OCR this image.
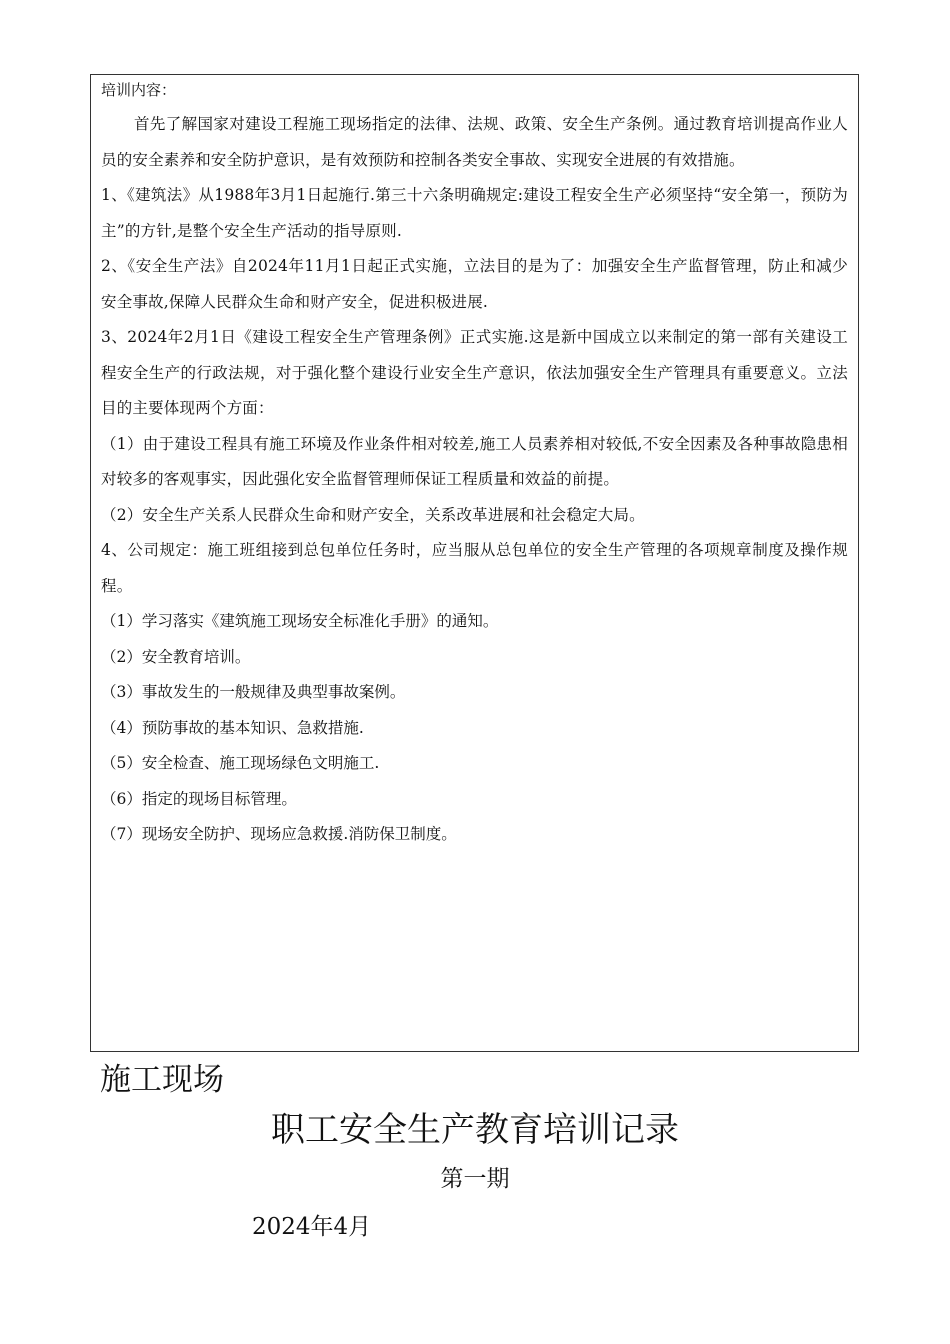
培训内容：

首先了解国家对建设工程施工现场指定的法律、法规、政策、安全生产条例。通过教育培训提高作业人员的安全素养和安全防护意识，是有效预防和控制各类安全事故、实现安全进展的有效措施。

1、《建筑法》从1988年3月1日起施行.第三十六条明确规定:建设工程安全生产必须坚持“安全第一，预防为主”的方针,是整个安全生产活动的指导原则.

2、《安全生产法》自2024年11月1日起正式实施，立法目的是为了：加强安全生产监督管理，防止和减少安全事故,保障人民群众生命和财产安全，促进积极进展.

3、2024年2月1日《建设工程安全生产管理条例》正式实施.这是新中国成立以来制定的第一部有关建设工程安全生产的行政法规，对于强化整个建设行业安全生产意识，依法加强安全生产管理具有重要意义。立法目的主要体现两个方面：

（1）由于建设工程具有施工环境及作业条件相对较差,施工人员素养相对较低,不安全因素及各种事故隐患相对较多的客观事实，因此强化安全监督管理师保证工程质量和效益的前提。

（2）安全生产关系人民群众生命和财产安全，关系改革进展和社会稳定大局。

4、公司规定：施工班组接到总包单位任务时，应当服从总包单位的安全生产管理的各项规章制度及操作规程。

（1）学习落实《建筑施工现场安全标准化手册》的通知。

（2）安全教育培训。

（3）事故发生的一般规律及典型事故案例。

（4）预防事故的基本知识、急救措施.

（5）安全检查、施工现场绿色文明施工.

（6）指定的现场目标管理。

（7）现场安全防护、现场应急救援.消防保卫制度。

施工现场

职工安全生产教育培训记录

第一期

2024年4月
